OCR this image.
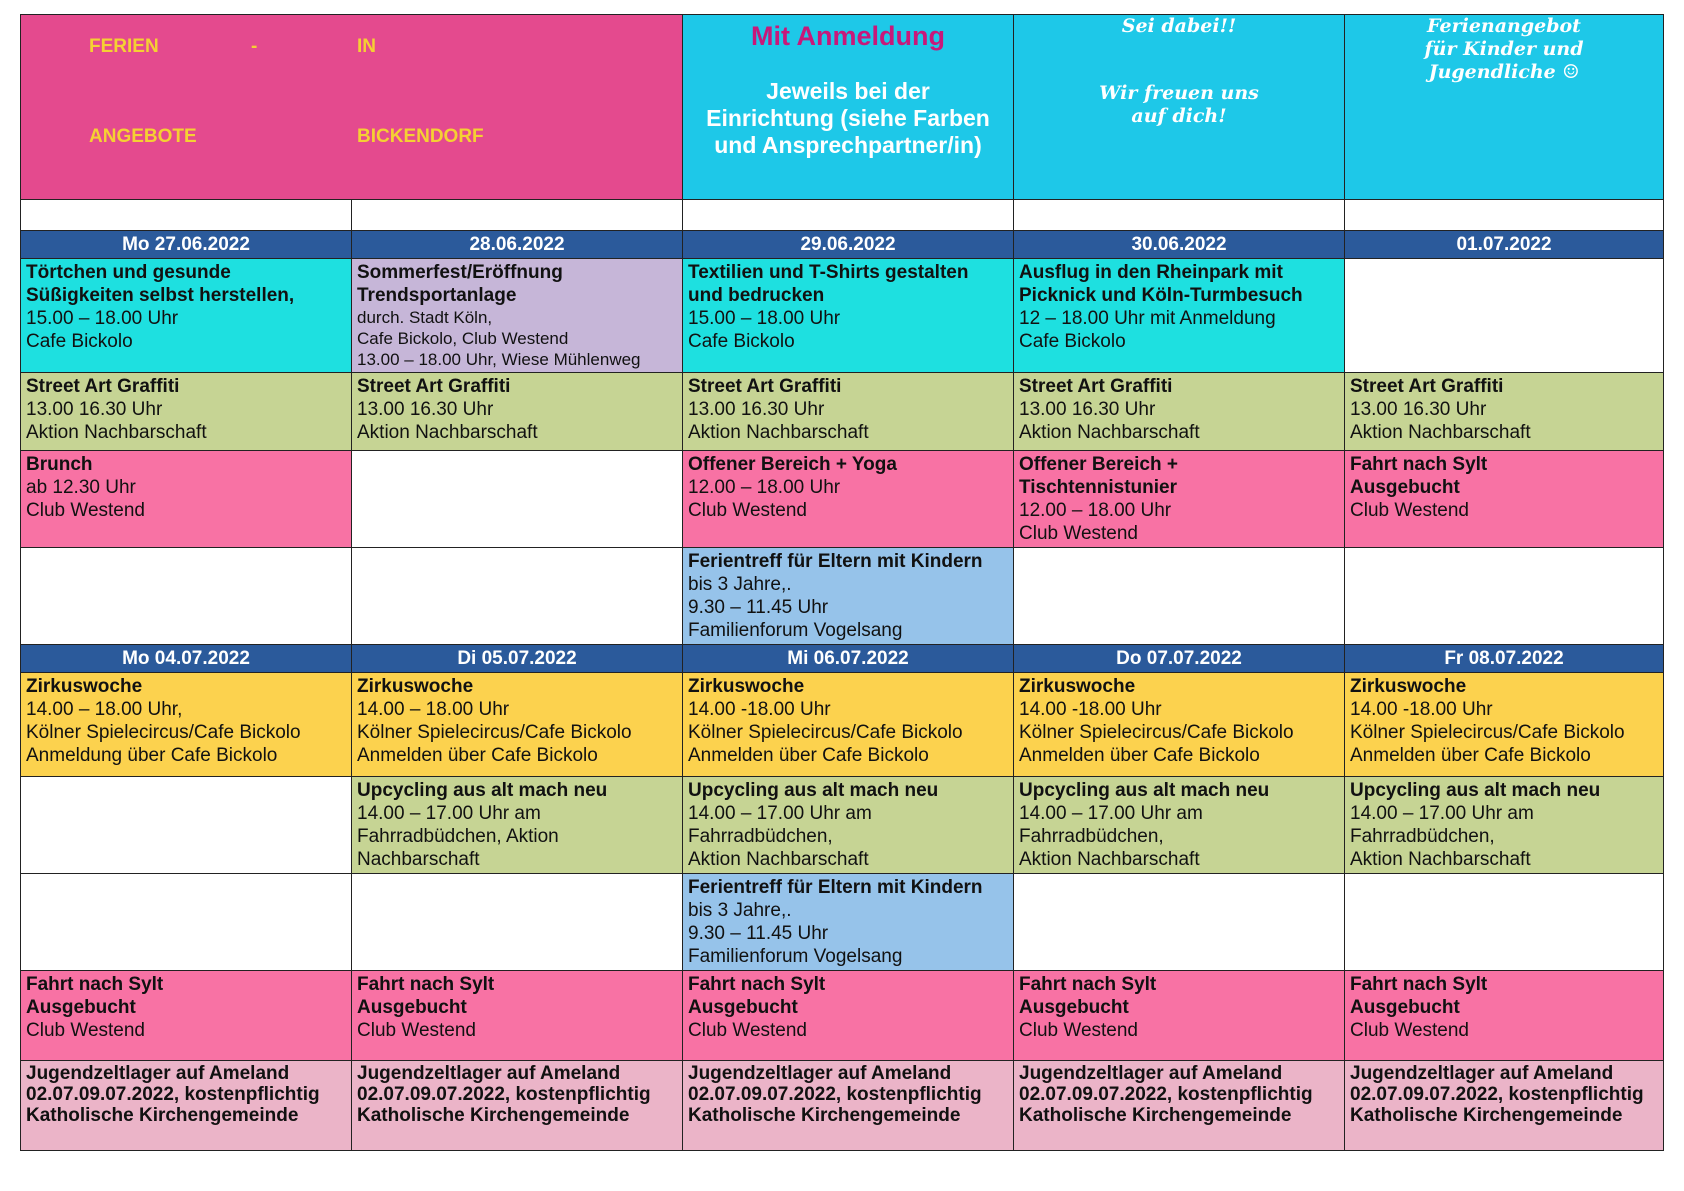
FERIEN - IN
ANGEBOTE BICKENDORF		Mit Anmeldung
Jeweils bei der
Einrichtung (siehe Farben
und Ansprechpartner/in)	Sei dabei!!
Wir freuen uns
auf dich!	Ferienangebot
für Kinder und
Jugendliche ☺

Mo 27.06.2022	28.06.2022	29.06.2022	30.06.2022	01.07.2022

Törtchen und gesunde
Süßigkeiten selbst herstellen,
15.00 – 18.00 Uhr
Cafe Bickolo	Sommerfest/Eröffnung
Trendsportanlage
durch. Stadt Köln,
Cafe Bickolo, Club Westend
13.00 – 18.00 Uhr, Wiese Mühlenweg	Textilien und T-Shirts gestalten
und bedrucken
15.00 – 18.00 Uhr
Cafe Bickolo	Ausflug in den Rheinpark mit
Picknick und Köln-Turmbesuch
12 – 18.00 Uhr mit Anmeldung
Cafe Bickolo	

Street Art Graffiti
13.00 16.30 Uhr
Aktion Nachbarschaft	Street Art Graffiti
13.00 16.30 Uhr
Aktion Nachbarschaft	Street Art Graffiti
13.00 16.30 Uhr
Aktion Nachbarschaft	Street Art Graffiti
13.00 16.30 Uhr
Aktion Nachbarschaft	Street Art Graffiti
13.00 16.30 Uhr
Aktion Nachbarschaft

Brunch
ab 12.30 Uhr
Club Westend		Offener Bereich + Yoga
12.00 – 18.00 Uhr
Club Westend	Offener Bereich +
Tischtennistunier
12.00 – 18.00 Uhr
Club Westend	Fahrt nach Sylt
Ausgebucht
Club Westend

		Ferientreff für Eltern mit Kindern
bis 3 Jahre,.
9.30 – 11.45 Uhr
Familienforum Vogelsang		

Mo 04.07.2022	Di 05.07.2022	Mi 06.07.2022	Do 07.07.2022	Fr 08.07.2022

Zirkuswoche
14.00 – 18.00 Uhr,
Kölner Spielecircus/Cafe Bickolo
Anmeldung über Cafe Bickolo	Zirkuswoche
14.00 – 18.00 Uhr
Kölner Spielecircus/Cafe Bickolo
Anmelden über Cafe Bickolo	Zirkuswoche
14.00 -18.00 Uhr
Kölner Spielecircus/Cafe Bickolo
Anmelden über Cafe Bickolo	Zirkuswoche
14.00 -18.00 Uhr
Kölner Spielecircus/Cafe Bickolo
Anmelden über Cafe Bickolo	Zirkuswoche
14.00 -18.00 Uhr
Kölner Spielecircus/Cafe Bickolo
Anmelden über Cafe Bickolo

	Upcycling aus alt mach neu
14.00 – 17.00 Uhr am
Fahrradbüdchen, Aktion
Nachbarschaft	Upcycling aus alt mach neu
14.00 – 17.00 Uhr am
Fahrradbüdchen,
Aktion Nachbarschaft	Upcycling aus alt mach neu
14.00 – 17.00 Uhr am
Fahrradbüdchen,
Aktion Nachbarschaft	Upcycling aus alt mach neu
14.00 – 17.00 Uhr am
Fahrradbüdchen,
Aktion Nachbarschaft

		Ferientreff für Eltern mit Kindern
bis 3 Jahre,.
9.30 – 11.45 Uhr
Familienforum Vogelsang		

Fahrt nach Sylt
Ausgebucht
Club Westend	Fahrt nach Sylt
Ausgebucht
Club Westend	Fahrt nach Sylt
Ausgebucht
Club Westend	Fahrt nach Sylt
Ausgebucht
Club Westend	Fahrt nach Sylt
Ausgebucht
Club Westend

Jugendzeltlager auf Ameland
02.07.09.07.2022, kostenpflichtig
Katholische Kirchengemeinde	Jugendzeltlager auf Ameland
02.07.09.07.2022, kostenpflichtig
Katholische Kirchengemeinde	Jugendzeltlager auf Ameland
02.07.09.07.2022, kostenpflichtig
Katholische Kirchengemeinde	Jugendzeltlager auf Ameland
02.07.09.07.2022, kostenpflichtig
Katholische Kirchengemeinde	Jugendzeltlager auf Ameland
02.07.09.07.2022, kostenpflichtig
Katholische Kirchengemeinde
